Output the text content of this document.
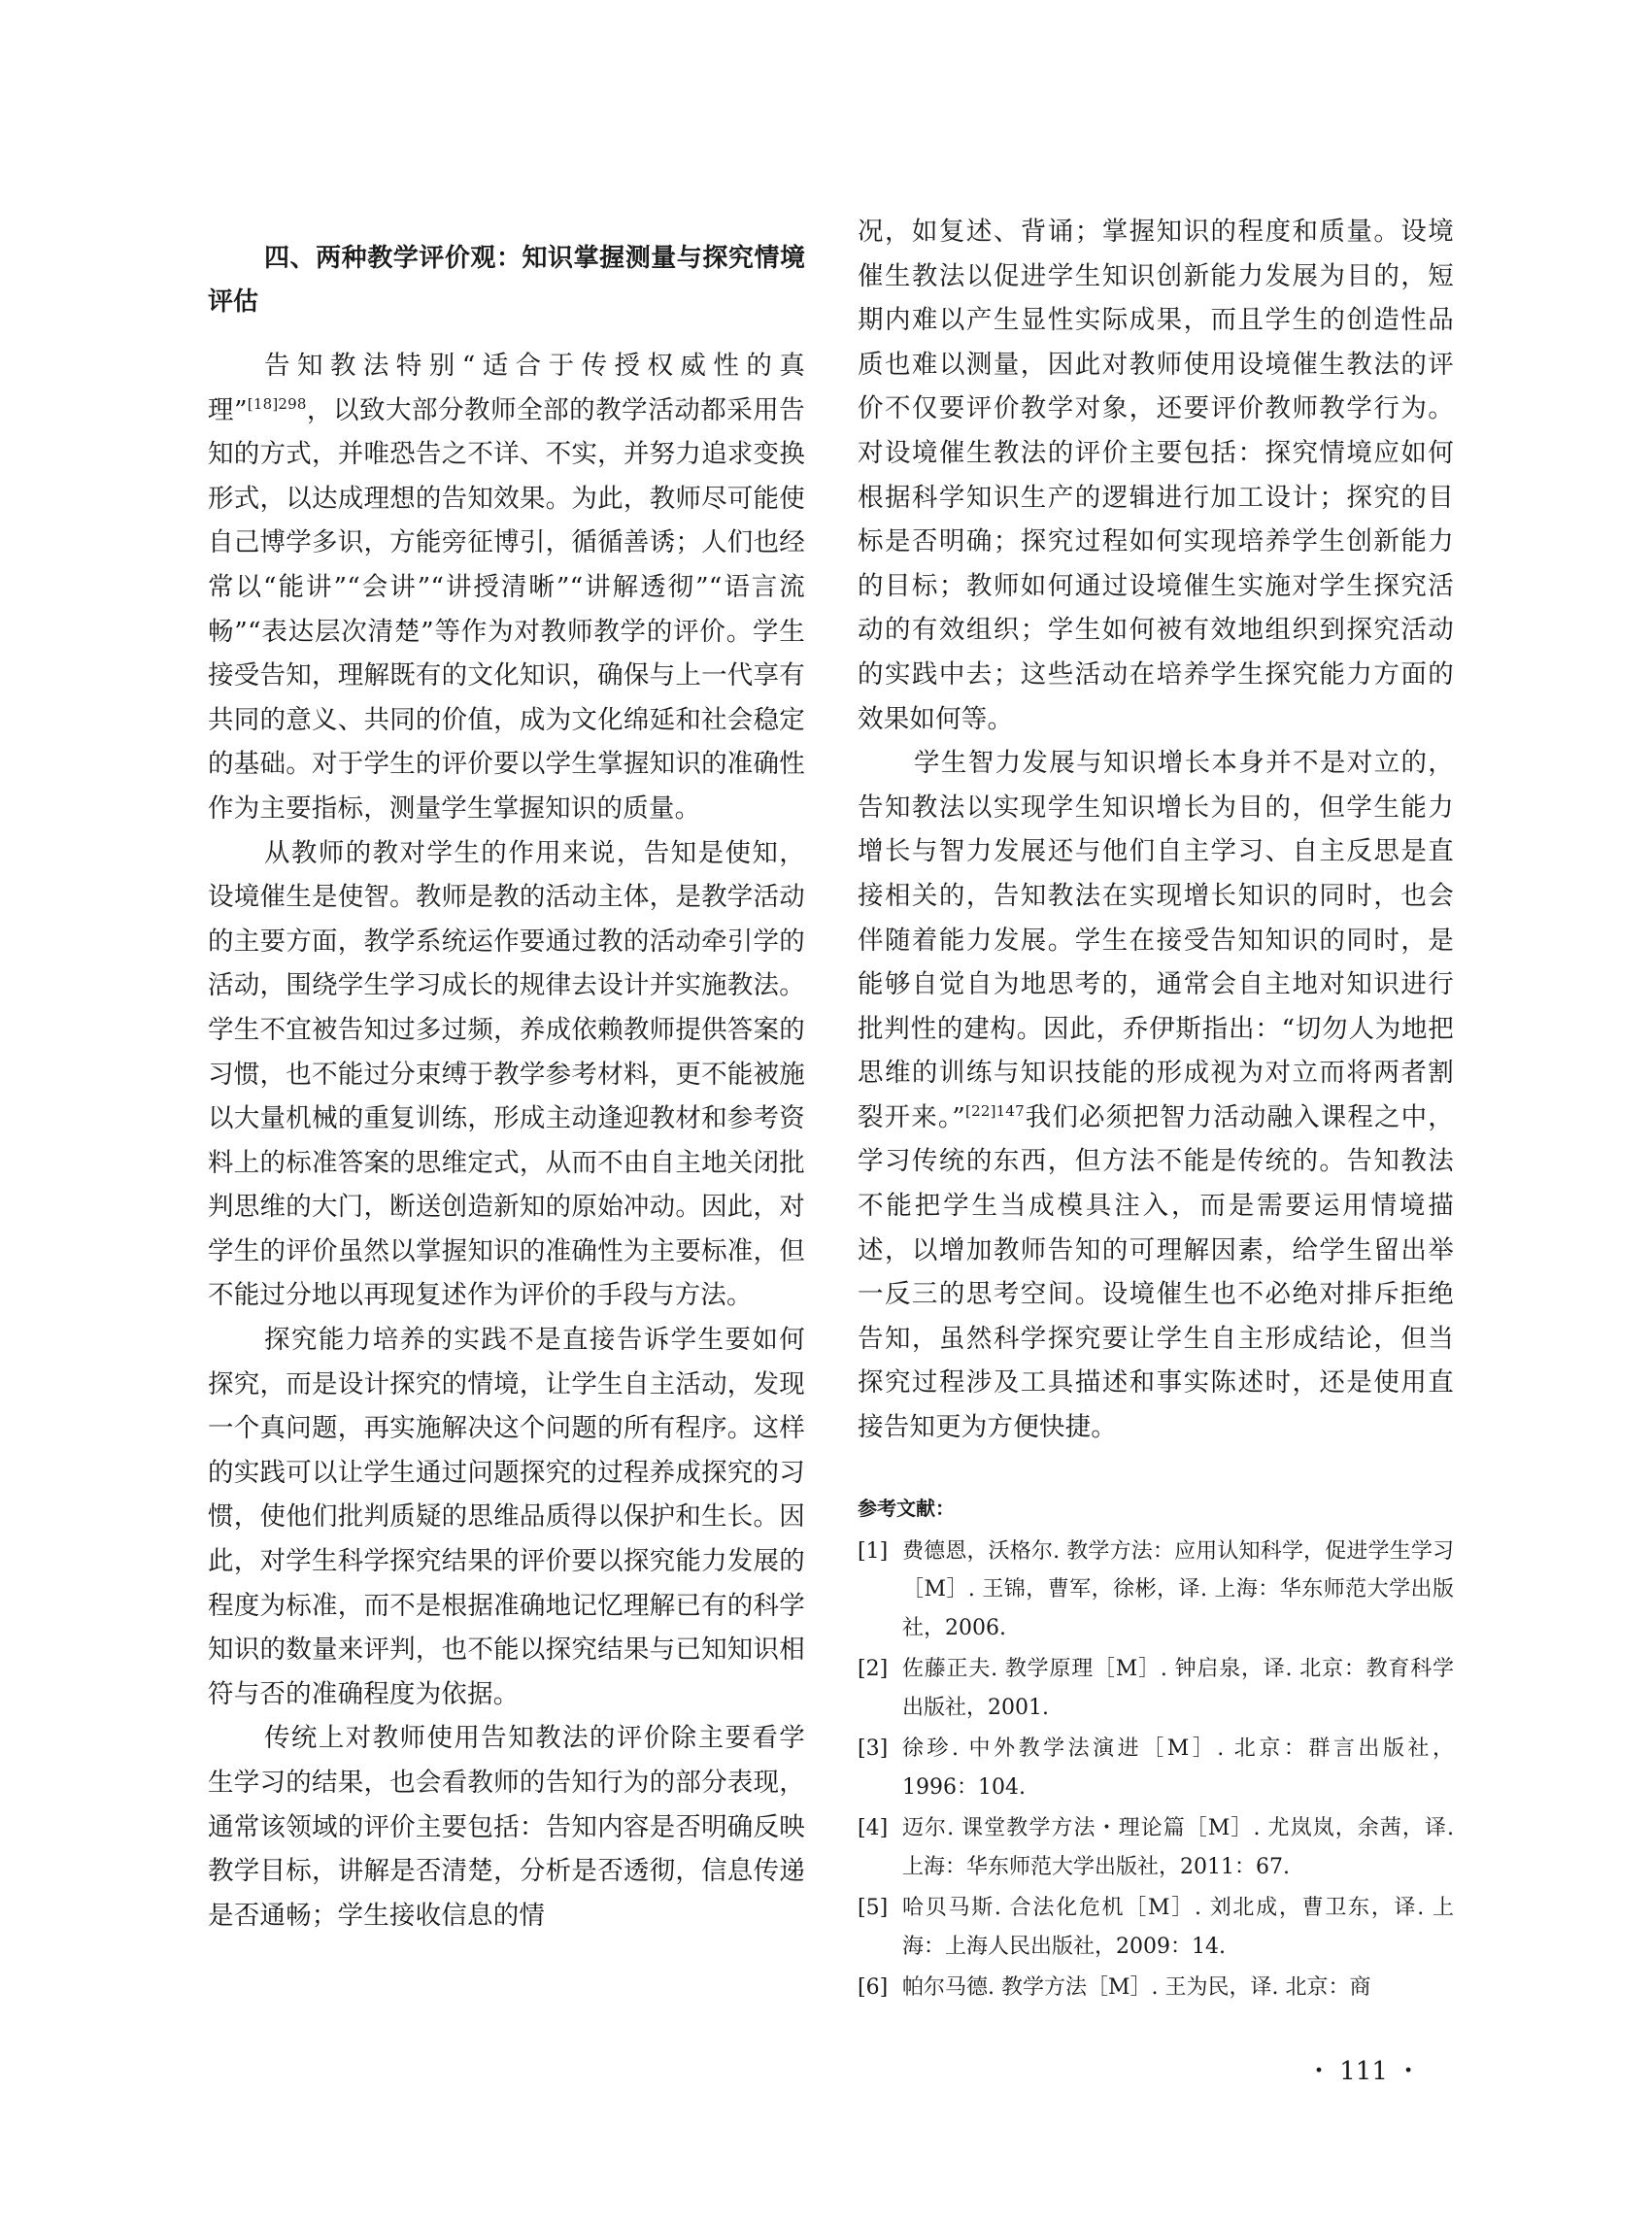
四、两种教学评价观：知识掌握测量与探究情境评估

告知教法特别“适合于传授权威性的真理”$^{[18]298}$，以致大部分教师全部的教学活动都采用告知的方式，并唯恐告之不详、不实，并努力追求变换形式，以达成理想的告知效果。为此，教师尽可能使自己博学多识，方能旁征博引，循循善诱；人们也经常以“能讲”“会讲”“讲授清晰”“讲解透彻”“语言流畅”“表达层次清楚”等作为对教师教学的评价。学生接受告知，理解既有的文化知识，确保与上一代享有共同的意义、共同的价值，成为文化绵延和社会稳定的基础。对于学生的评价要以学生掌握知识的准确性作为主要指标，测量学生掌握知识的质量。

从教师的教对学生的作用来说，告知是使知，设境催生是使智。教师是教的活动主体，是教学活动的主要方面，教学系统运作要通过教的活动牵引学的活动，围绕学生学习成长的规律去设计并实施教法。学生不宜被告知过多过频，养成依赖教师提供答案的习惯，也不能过分束缚于教学参考材料，更不能被施以大量机械的重复训练，形成主动逢迎教材和参考资料上的标准答案的思维定式，从而不由自主地关闭批判思维的大门，断送创造新知的原始冲动。因此，对学生的评价虽然以掌握知识的准确性为主要标准，但不能过分地以再现复述作为评价的手段与方法。

探究能力培养的实践不是直接告诉学生要如何探究，而是设计探究的情境，让学生自主活动，发现一个真问题，再实施解决这个问题的所有程序。这样的实践可以让学生通过问题探究的过程养成探究的习惯，使他们批判质疑的思维品质得以保护和生长。因此，对学生科学探究结果的评价要以探究能力发展的程度为标准，而不是根据准确地记忆理解已有的科学知识的数量来评判，也不能以探究结果与已知知识相符与否的准确程度为依据。

传统上对教师使用告知教法的评价除主要看学生学习的结果，也会看教师的告知行为的部分表现，通常该领域的评价主要包括：告知内容是否明确反映教学目标，讲解是否清楚，分析是否透彻，信息传递是否通畅；学生接收信息的情

况，如复述、背诵；掌握知识的程度和质量。设境催生教法以促进学生知识创新能力发展为目的，短期内难以产生显性实际成果，而且学生的创造性品质也难以测量，因此对教师使用设境催生教法的评价不仅要评价教学对象，还要评价教师教学行为。对设境催生教法的评价主要包括：探究情境应如何根据科学知识生产的逻辑进行加工设计；探究的目标是否明确；探究过程如何实现培养学生创新能力的目标；教师如何通过设境催生实施对学生探究活动的有效组织；学生如何被有效地组织到探究活动的实践中去；这些活动在培养学生探究能力方面的效果如何等。

学生智力发展与知识增长本身并不是对立的，告知教法以实现学生知识增长为目的，但学生能力增长与智力发展还与他们自主学习、自主反思是直接相关的，告知教法在实现增长知识的同时，也会伴随着能力发展。学生在接受告知知识的同时，是能够自觉自为地思考的，通常会自主地对知识进行批判性的建构。因此，乔伊斯指出：“切勿人为地把思维的训练与知识技能的形成视为对立而将两者割裂开来。”$^{[22]147}$我们必须把智力活动融入课程之中，学习传统的东西，但方法不能是传统的。告知教法不能把学生当成模具注入，而是需要运用情境描述，以增加教师告知的可理解因素，给学生留出举一反三的思考空间。设境催生也不必绝对排斥拒绝告知，虽然科学探究要让学生自主形成结论，但当探究过程涉及工具描述和事实陈述时，还是使用直接告知更为方便快捷。

参考文献：
[1] 费德恩，沃格尔. 教学方法：应用认知科学，促进学生学习［M］. 王锦，曹军，徐彬，译. 上海：华东师范大学出版社，2006.
[2] 佐藤正夫. 教学原理［M］. 钟启泉，译. 北京：教育科学出版社，2001.
[3] 徐珍. 中外教学法演进［M］. 北京：群言出版社，1996：104.
[4] 迈尔. 课堂教学方法・理论篇［M］. 尤岚岚，余茜，译. 上海：华东师范大学出版社，2011：67.
[5] 哈贝马斯. 合法化危机［M］. 刘北成，曹卫东，译. 上海：上海人民出版社，2009：14.
[6] 帕尔马德. 教学方法［M］. 王为民，译. 北京：商
・ 111 ・
